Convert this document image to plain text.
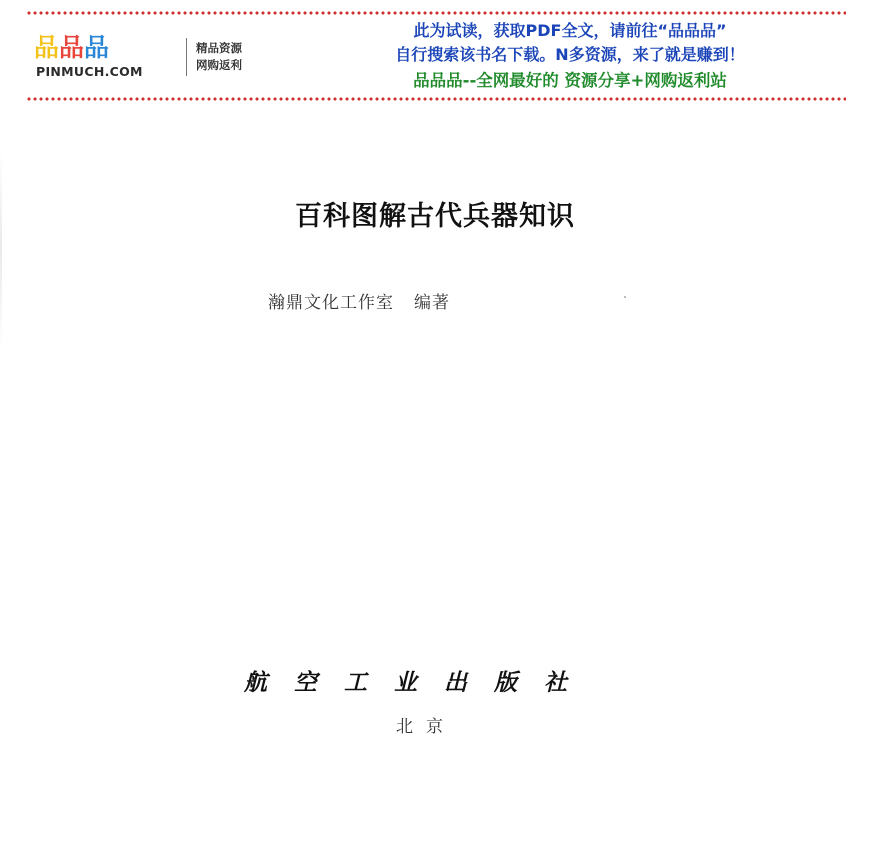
品品品
PINMUCH.COM
精品资源
网购返利
此为试读，获取PDF全文，请前往“品品品”
自行搜索该书名下载。N多资源，来了就是赚到！
品品品--全网最好的 资源分享+网购返利站
百科图解古代兵器知识
瀚鼎文化工作室 编著
航 空 工 业 出 版 社
北 京
